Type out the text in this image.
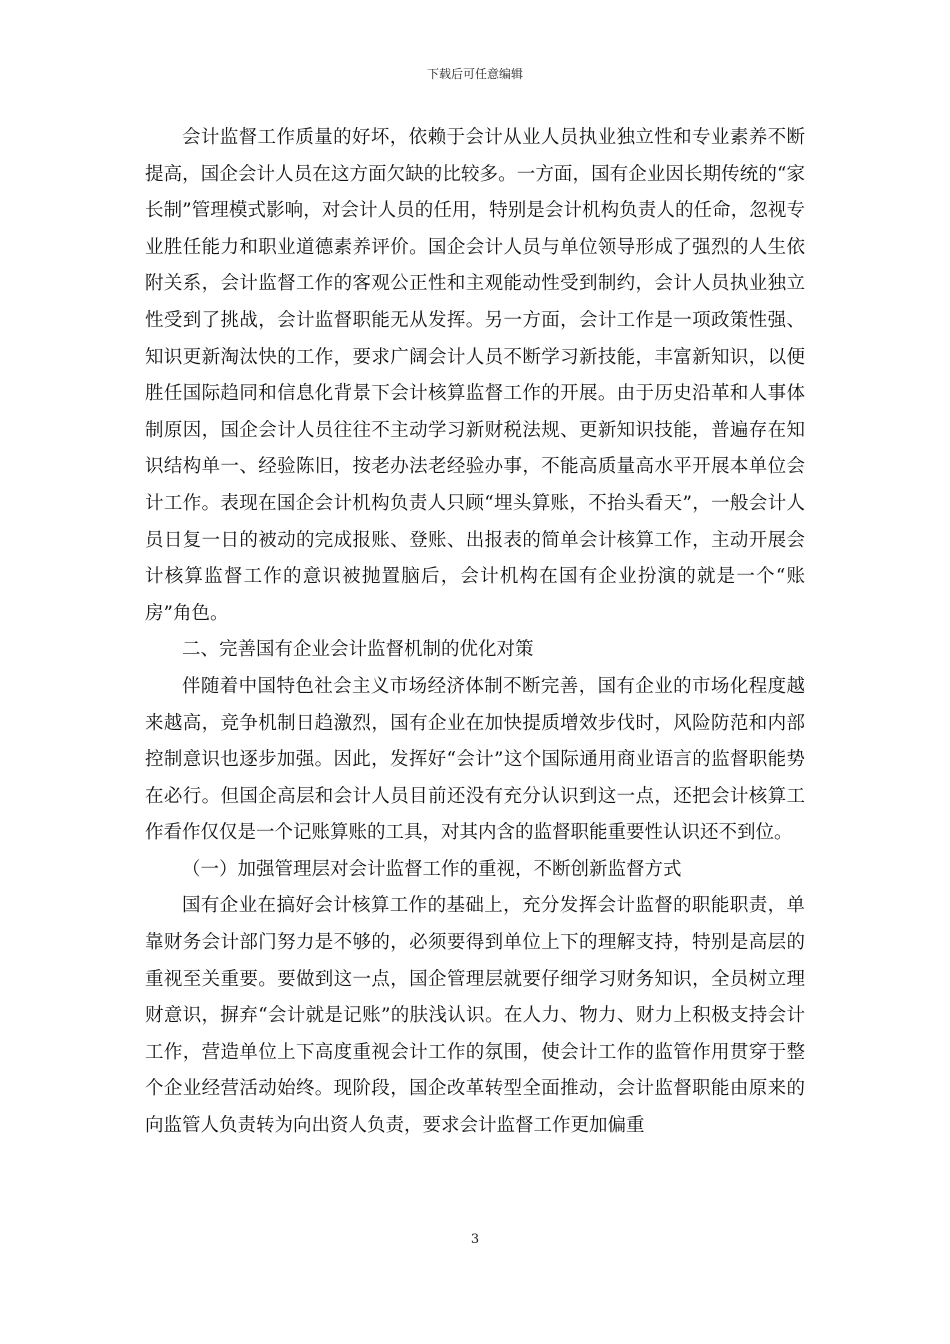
下载后可任意编辑

会计监督工作质量的好坏，依赖于会计从业人员执业独立性和专业素养不断提高，国企会计人员在这方面欠缺的比较多。一方面，国有企业因长期传统的“家长制”管理模式影响，对会计人员的任用，特别是会计机构负责人的任命，忽视专业胜任能力和职业道德素养评价。国企会计人员与单位领导形成了强烈的人生依附关系，会计监督工作的客观公正性和主观能动性受到制约，会计人员执业独立性受到了挑战，会计监督职能无从发挥。另一方面，会计工作是一项政策性强、知识更新淘汰快的工作，要求广阔会计人员不断学习新技能，丰富新知识，以便胜任国际趋同和信息化背景下会计核算监督工作的开展。由于历史沿革和人事体制原因，国企会计人员往往不主动学习新财税法规、更新知识技能，普遍存在知识结构单一、经验陈旧，按老办法老经验办事，不能高质量高水平开展本单位会计工作。表现在国企会计机构负责人只顾“埋头算账，不抬头看天”，一般会计人员日复一日的被动的完成报账、登账、出报表的简单会计核算工作，主动开展会计核算监督工作的意识被抛置脑后，会计机构在国有企业扮演的就是一个“账房”角色。

二、完善国有企业会计监督机制的优化对策

伴随着中国特色社会主义市场经济体制不断完善，国有企业的市场化程度越来越高，竞争机制日趋激烈，国有企业在加快提质增效步伐时，风险防范和内部控制意识也逐步加强。因此，发挥好“会计”这个国际通用商业语言的监督职能势在必行。但国企高层和会计人员目前还没有充分认识到这一点，还把会计核算工作看作仅仅是一个记账算账的工具，对其内含的监督职能重要性认识还不到位。

（一）加强管理层对会计监督工作的重视，不断创新监督方式

国有企业在搞好会计核算工作的基础上，充分发挥会计监督的职能职责，单靠财务会计部门努力是不够的，必须要得到单位上下的理解支持，特别是高层的重视至关重要。要做到这一点，国企管理层就要仔细学习财务知识，全员树立理财意识，摒弃“会计就是记账”的肤浅认识。在人力、物力、财力上积极支持会计工作，营造单位上下高度重视会计工作的氛围，使会计工作的监管作用贯穿于整个企业经营活动始终。现阶段，国企改革转型全面推动，会计监督职能由原来的向监管人负责转为向出资人负责，要求会计监督工作更加偏重

3
